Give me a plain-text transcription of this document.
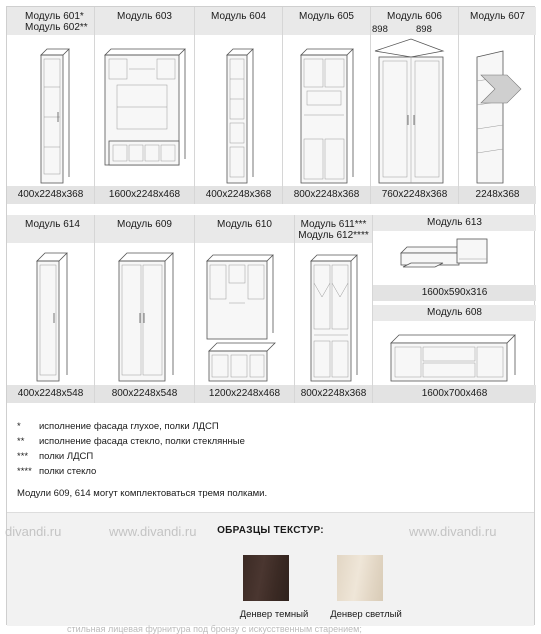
Модуль 601*
Модуль 602**
400x2248x368
Модуль 603
1600x2248x468
Модуль 604
400x2248x368
Модуль 605
800x2248x368
Модуль 606
898	898
760x2248x368
Модуль 607
2248x368
Модуль 614
400x2248x548
Модуль 609
800x2248x548
Модуль 610
1200x2248x468
Модуль 611***
Модуль 612****
800x2248x368
Модуль 613
1600x590x316
Модуль 608
1600x700x468
*	исполнение фасада глухое, полки ЛДСП
**	исполнение фасада стекло, полки стеклянные
***	полки ЛДСП
**** полки стекло
Модули 609, 614 могут комплектоваться тремя полками.
divandi.ru	www.divandi.ru	www.divandi.ru
ОБРАЗЦЫ ТЕКСТУР:
Денвер темный	Денвер светлый
стильная лицевая фурнитура под бронзу с искусственным старением;
